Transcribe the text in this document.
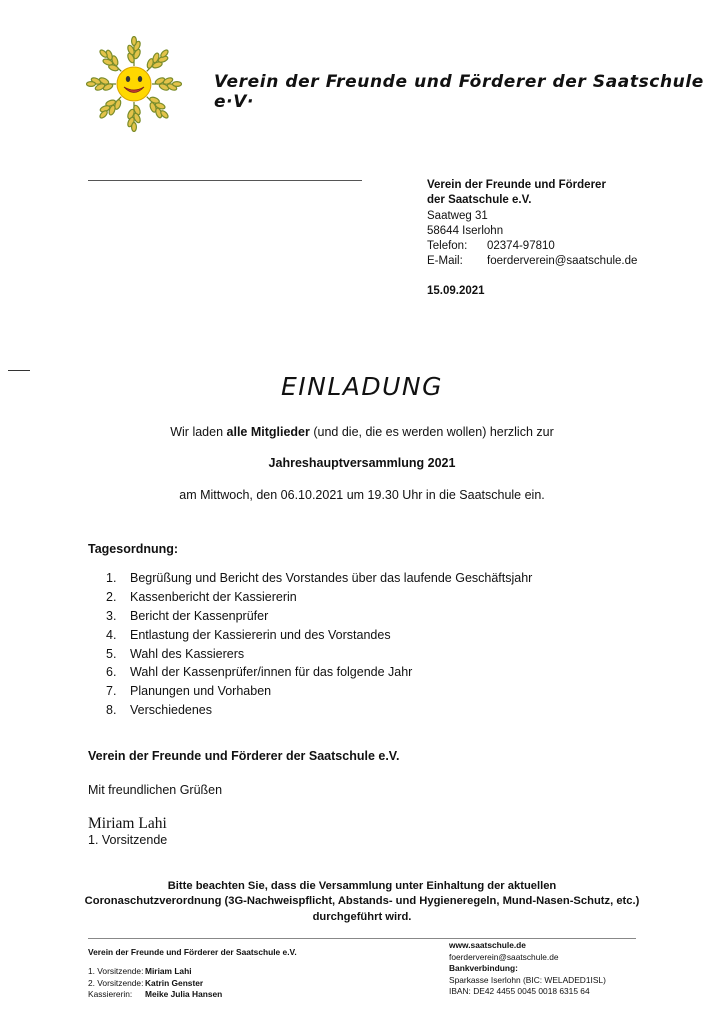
Verein der Freunde und Förderer der Saatschule e·V·
Verein der Freunde und Förderer
der Saatschule e.V.
Saatweg 31
58644 Iserlohn
Telefon: 02374-97810
E-Mail: foerderverein@saatschule.de
15.09.2021
EINLADUNG
Wir laden alle Mitglieder (und die, die es werden wollen) herzlich zur
Jahreshauptversammlung 2021
am Mittwoch, den 06.10.2021 um 19.30 Uhr in die Saatschule ein.
Tagesordnung:
1. Begrüßung und Bericht des Vorstandes über das laufende Geschäftsjahr
2. Kassenbericht der Kassiererin
3. Bericht der Kassenprüfer
4. Entlastung der Kassiererin und des Vorstandes
5. Wahl des Kassierers
6. Wahl der Kassenprüfer/innen für das folgende Jahr
7. Planungen und Vorhaben
8. Verschiedenes
Verein der Freunde und Förderer der Saatschule e.V.
Mit freundlichen Grüßen
Miriam Lahi
1. Vorsitzende
Bitte beachten Sie, dass die Versammlung unter Einhaltung der aktuellen
Coronaschutzverordnung (3G-Nachweispflicht, Abstands- und Hygieneregeln, Mund-Nasen-Schutz, etc.)
durchgeführt wird.
Verein der Freunde und Förderer der Saatschule e.V.
1. Vorsitzende: Miriam Lahi
2. Vorsitzende: Katrin Genster
Kassiererin: Meike Julia Hansen
www.saatschule.de
foerderverein@saatschule.de
Bankverbindung:
Sparkasse Iserlohn (BIC: WELADED1ISL)
IBAN: DE42 4455 0045 0018 6315 64
